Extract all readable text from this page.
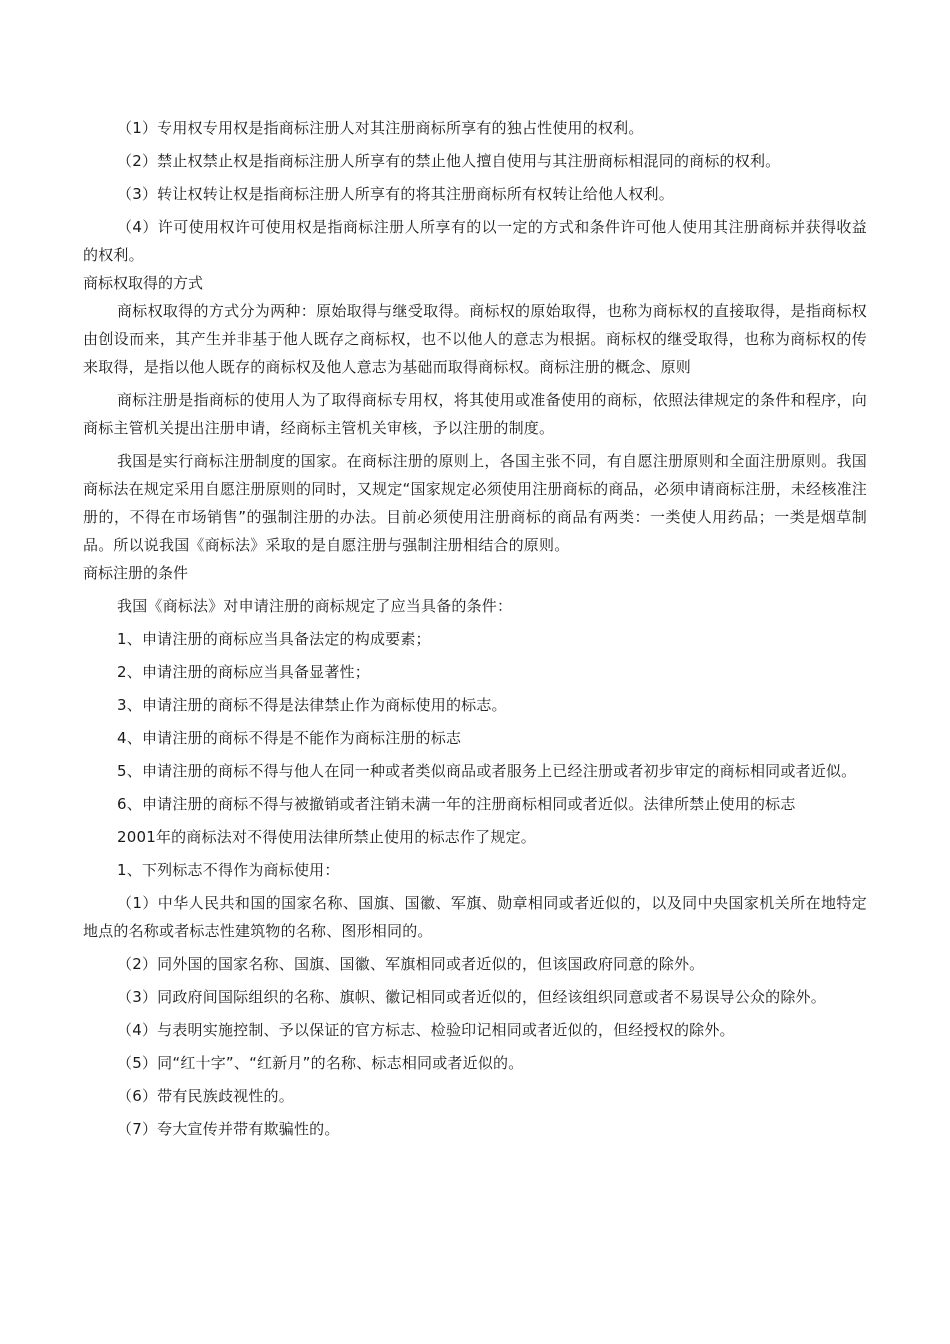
（1）专用权专用权是指商标注册人对其注册商标所享有的独占性使用的权利。

（2）禁止权禁止权是指商标注册人所享有的禁止他人擅自使用与其注册商标相混同的商标的权利。

（3）转让权转让权是指商标注册人所享有的将其注册商标所有权转让给他人权利。

（4）许可使用权许可使用权是指商标注册人所享有的以一定的方式和条件许可他人使用其注册商标并获得收益的权利。

商标权取得的方式

商标权取得的方式分为两种：原始取得与继受取得。商标权的原始取得，也称为商标权的直接取得，是指商标权由创设而来，其产生并非基于他人既存之商标权，也不以他人的意志为根据。商标权的继受取得，也称为商标权的传来取得，是指以他人既存的商标权及他人意志为基础而取得商标权。商标注册的概念、原则

商标注册是指商标的使用人为了取得商标专用权，将其使用或准备使用的商标，依照法律规定的条件和程序，向商标主管机关提出注册申请，经商标主管机关审核，予以注册的制度。

我国是实行商标注册制度的国家。在商标注册的原则上，各国主张不同，有自愿注册原则和全面注册原则。我国商标法在规定采用自愿注册原则的同时，又规定“国家规定必须使用注册商标的商品，必须申请商标注册，未经核准注册的，不得在市场销售”的强制注册的办法。目前必须使用注册商标的商品有两类：一类使人用药品；一类是烟草制品。所以说我国《商标法》采取的是自愿注册与强制注册相结合的原则。

商标注册的条件

我国《商标法》对申请注册的商标规定了应当具备的条件：

1、申请注册的商标应当具备法定的构成要素；

2、申请注册的商标应当具备显著性；

3、申请注册的商标不得是法律禁止作为商标使用的标志。

4、申请注册的商标不得是不能作为商标注册的标志

5、申请注册的商标不得与他人在同一种或者类似商品或者服务上已经注册或者初步审定的商标相同或者近似。

6、申请注册的商标不得与被撤销或者注销未满一年的注册商标相同或者近似。法律所禁止使用的标志

2001年的商标法对不得使用法律所禁止使用的标志作了规定。

1、下列标志不得作为商标使用：

（1）中华人民共和国的国家名称、国旗、国徽、军旗、勋章相同或者近似的，以及同中央国家机关所在地特定地点的名称或者标志性建筑物的名称、图形相同的。

（2）同外国的国家名称、国旗、国徽、军旗相同或者近似的，但该国政府同意的除外。

（3）同政府间国际组织的名称、旗帜、徽记相同或者近似的，但经该组织同意或者不易误导公众的除外。

（4）与表明实施控制、予以保证的官方标志、检验印记相同或者近似的，但经授权的除外。

（5）同“红十字”、“红新月”的名称、标志相同或者近似的。

（6）带有民族歧视性的。

（7）夸大宣传并带有欺骗性的。
